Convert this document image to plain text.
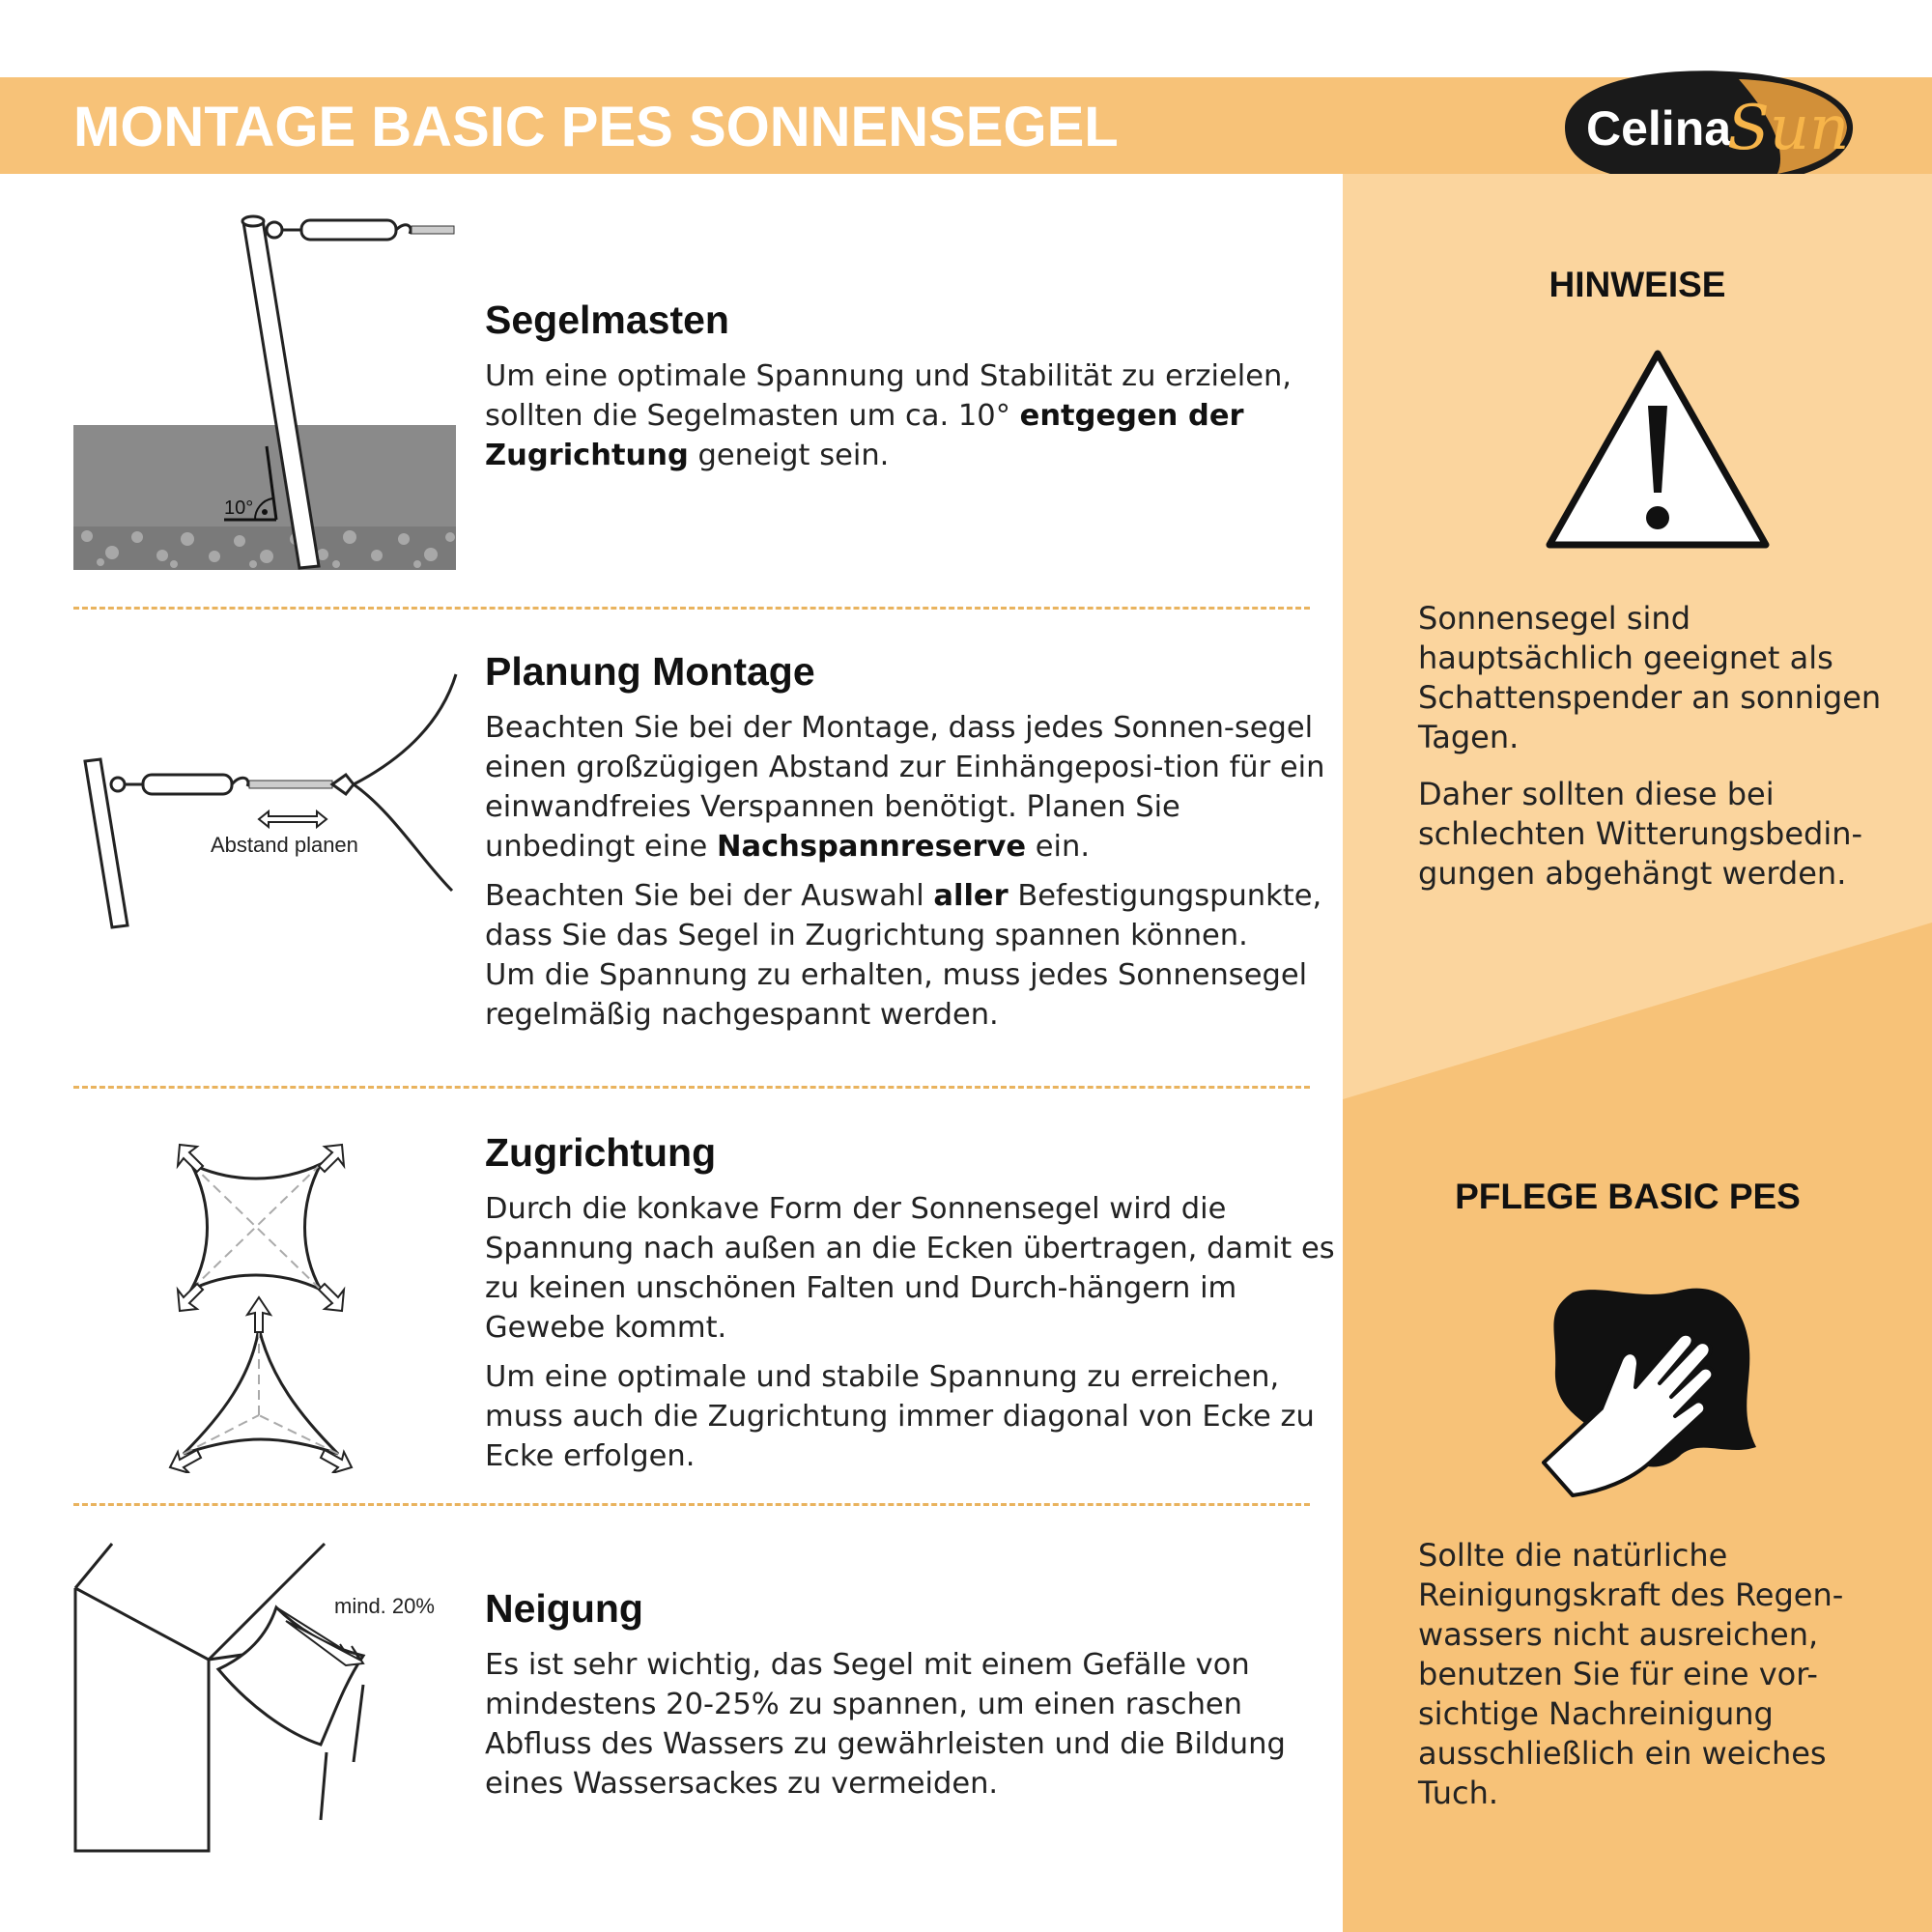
MONTAGE BASIC PES SONNENSEGEL	Celina
Sun
HINWEISE

Sonnensegel sind hauptsächlich geeignet als Schattenspender an sonnigen Tagen.

Daher sollten diese bei schlechten Witterungsbedin-gungen abgehängt werden.

PFLEGE BASIC PES

Sollte die natürliche Reinigungskraft des Regen-wassers nicht ausreichen, benutzen Sie für eine vor-sichtige Nachreinigung ausschließlich ein weiches Tuch.

10°
Segelmasten

Um eine optimale Spannung und Stabilität zu erzielen, sollten die Segelmasten um ca. 10° entgegen der Zugrichtung geneigt sein.

Abstand planen
Planung Montage

Beachten Sie bei der Montage, dass jedes Sonnen-segel einen großzügigen Abstand zur Einhängeposi-tion für ein einwandfreies Verspannen benötigt. Planen Sie unbedingt eine Nachspannreserve ein.

Beachten Sie bei der Auswahl aller Befestigungspunkte, dass Sie das Segel in Zugrichtung spannen können.

Um die Spannung zu erhalten, muss jedes Sonnensegel regelmäßig nachgespannt werden.

Zugrichtung

Durch die konkave Form der Sonnensegel wird die Spannung nach außen an die Ecken übertragen, damit es zu keinen unschönen Falten und Durch-hängern im Gewebe kommt.

Um eine optimale und stabile Spannung zu erreichen, muss auch die Zugrichtung immer diagonal von Ecke zu Ecke erfolgen.

mind. 20% Neigung

Es ist sehr wichtig, das Segel mit einem Gefälle von mindestens 20-25% zu spannen, um einen raschen Abfluss des Wassers zu gewährleisten und die Bildung eines Wassersackes zu vermeiden.
